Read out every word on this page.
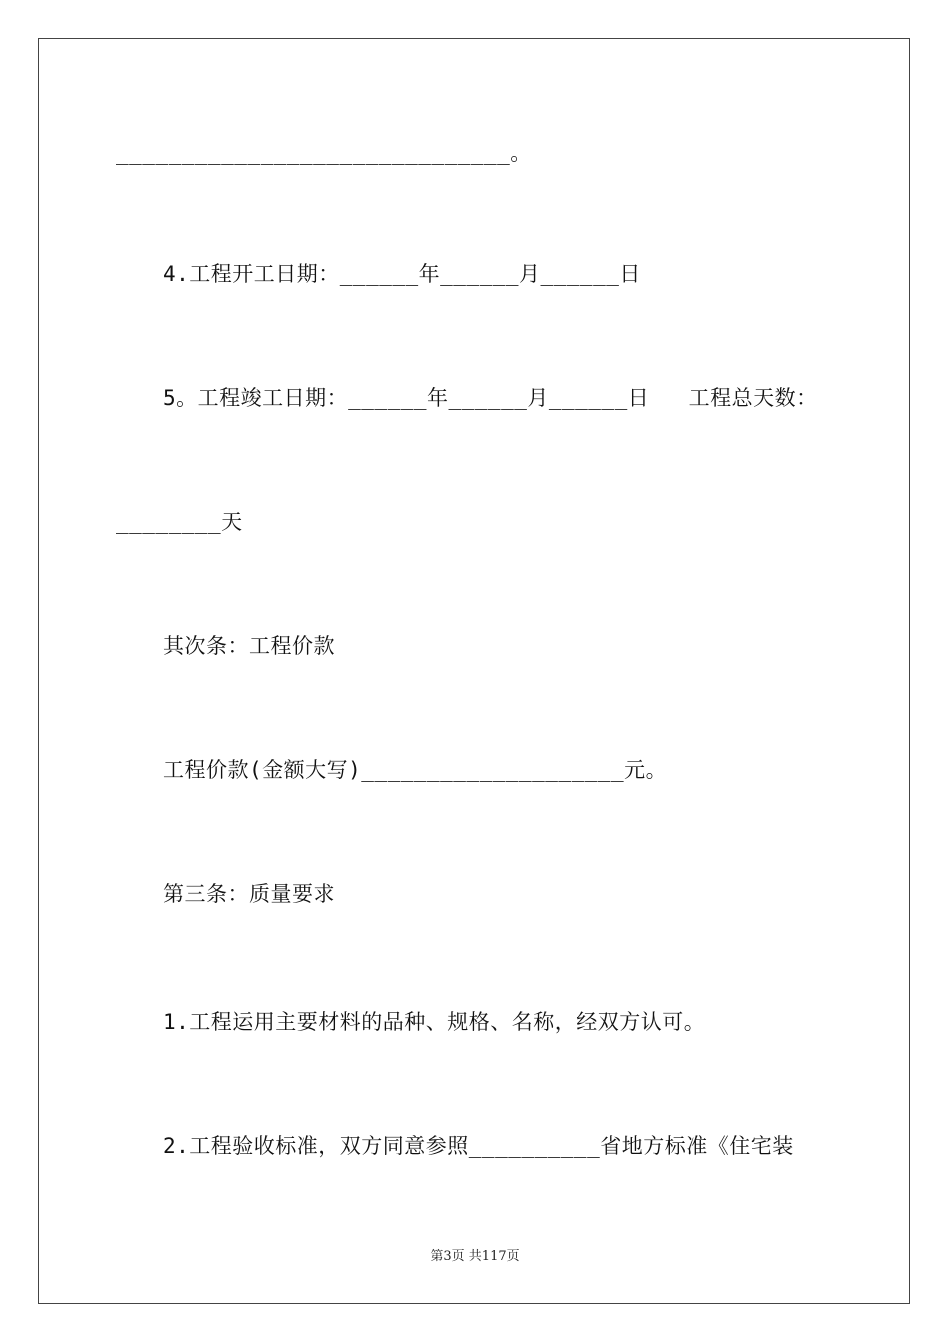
______________________________。
4.工程开工日期：______年______月______日
5。工程竣工日期：______年______月______日   工程总天数：
________天
其次条：工程价款
工程价款(金额大写)____________________元。
第三条：质量要求
1.工程运用主要材料的品种、规格、名称，经双方认可。
2.工程验收标准，双方同意参照__________省地方标准《住宅装
第3页 共117页
